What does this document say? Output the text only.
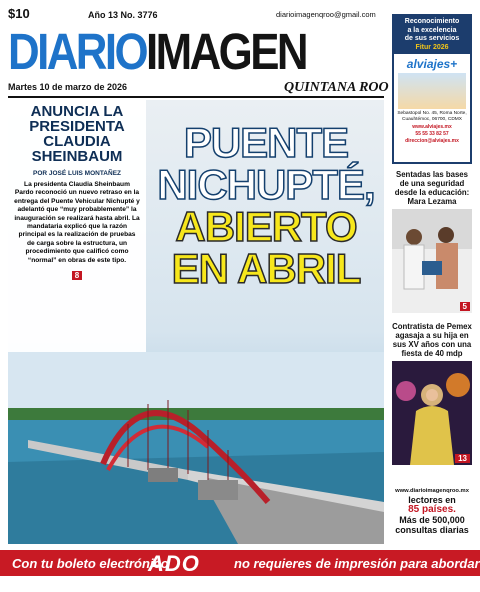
$10	Año 13 No. 3776	diarioimagenqroo@gmail.com
DIARIOIMAGEN
Martes 10 de marzo de 2026	QUINTANA ROO
ANUNCIA LA PRESIDENTA CLAUDIA SHEINBAUM
POR JOSÉ LUIS MONTAÑEZ
La presidenta Claudia Sheinbaum Pardo reconoció un nuevo retraso en la entrega del Puente Vehicular Nichupté y adelantó que “muy probablemente” la inauguración se realizará hasta abril. La mandataria explicó que la razón principal es la realización de pruebas de carga sobre la estructura, un procedimiento que calificó como “normal” en obras de este tipo.
8
PUENTE
NICHUPTÉ,
ABIERTO
EN ABRIL
Reconocimiento
a la excelencia
de sus servicios
Fitur 2026
alviajes+
Sebastopol No. 45, Roma Norte, Cuauhtémoc, 06700, CDMX
www.alviajes.mx
55 55 33 82 57
direccion@alviajes.mx
Sentadas las bases de una seguridad desde la educación: Mara Lezama
5
Contratista de Pemex agasaja a su hija en sus XV años con una fiesta de 40 mdp
13
www.diarioimagenqroo.mx
lectores en
85 países.
Más de 500,000
consultas diarias
Con tu boleto electrónico
ADO	no requieres de impresión para abordar
